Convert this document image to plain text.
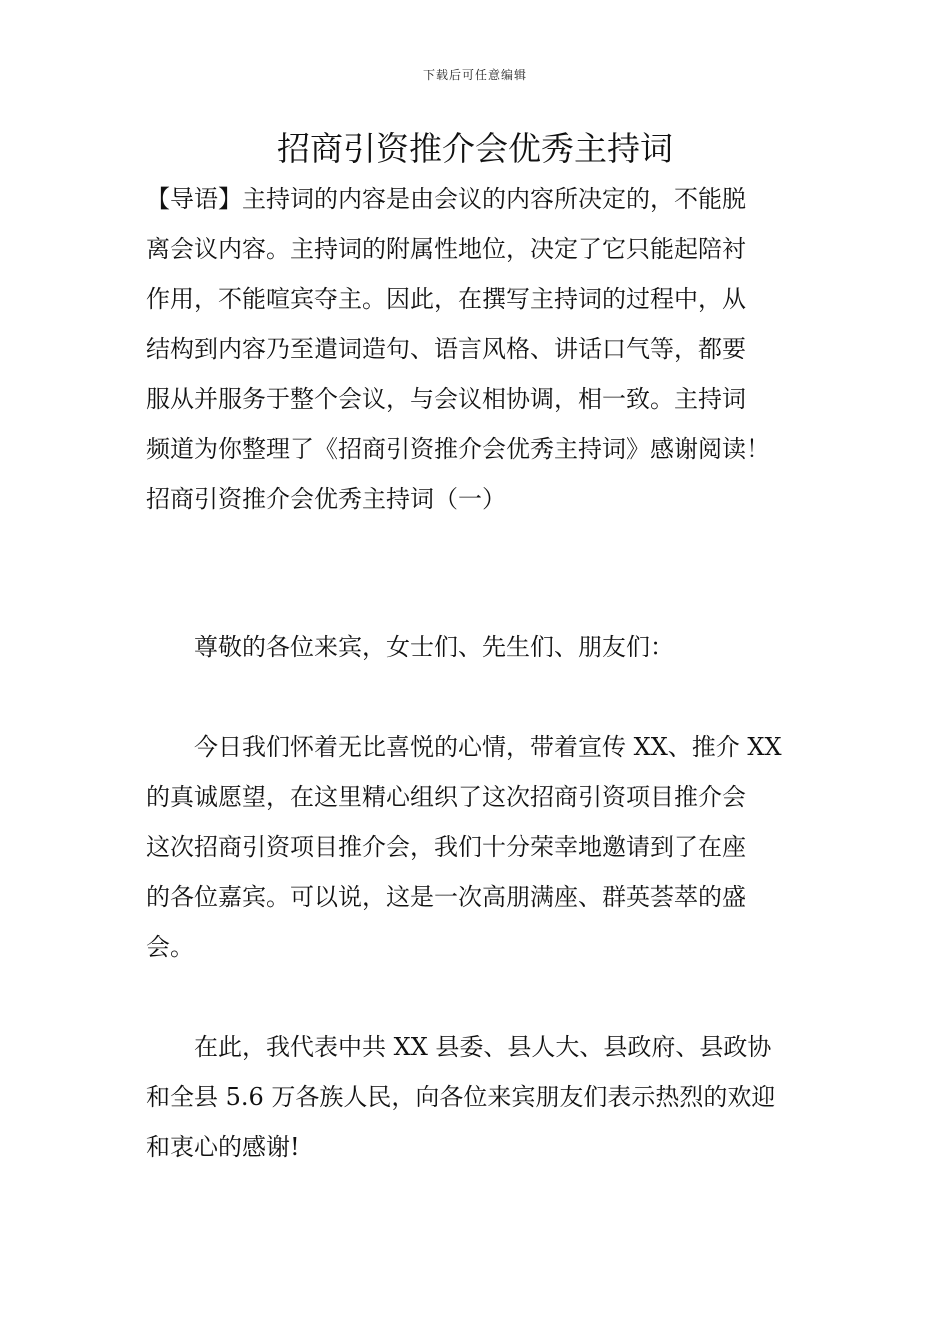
下载后可任意编辑
招商引资推介会优秀主持词
【导语】主持词的内容是由会议的内容所决定的，不能脱
离会议内容。主持词的附属性地位，决定了它只能起陪衬
作用，不能喧宾夺主。因此，在撰写主持词的过程中，从
结构到内容乃至遣词造句、语言风格、讲话口气等，都要
服从并服务于整个会议，与会议相协调，相一致。主持词
频道为你整理了《招商引资推介会优秀主持词》感谢阅读！
招商引资推介会优秀主持词（一）
尊敬的各位来宾，女士们、先生们、朋友们：
今日我们怀着无比喜悦的心情，带着宣传 XX、推介 XX
的真诚愿望，在这里精心组织了这次招商引资项目推介会
这次招商引资项目推介会，我们十分荣幸地邀请到了在座
的各位嘉宾。可以说，这是一次高朋满座、群英荟萃的盛
会。
在此，我代表中共 XX 县委、县人大、县政府、县政协
和全县 5.6 万各族人民，向各位来宾朋友们表示热烈的欢迎
和衷心的感谢!
